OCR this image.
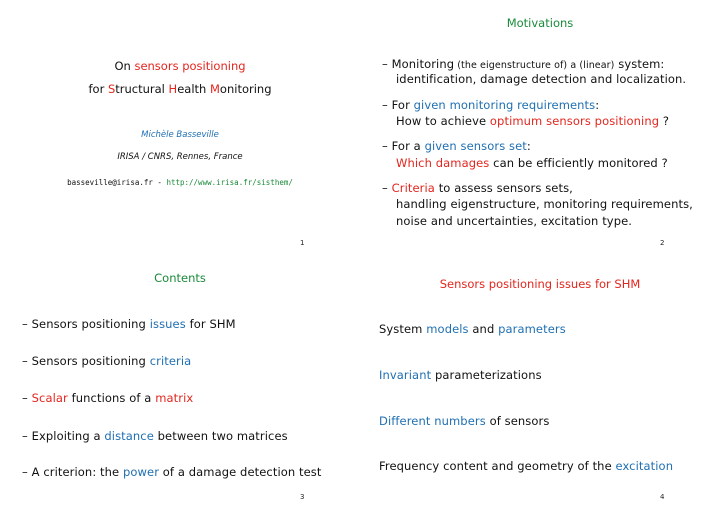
On sensors positioning
for Structural Health Monitoring
Michèle Basseville
IRISA / CNRS, Rennes, France
basseville@irisa.fr - http://www.irisa.fr/sisthem/
1
Motivations
– Monitoring (the eigenstructure of) a (linear) system:
identification, damage detection and localization.
– For given monitoring requirements:
How to achieve optimum sensors positioning ?
– For a given sensors set:
Which damages can be efficiently monitored ?
– Criteria to assess sensors sets,
handling eigenstructure, monitoring requirements,
noise and uncertainties, excitation type.
2
Contents
– Sensors positioning issues for SHM
– Sensors positioning criteria
– Scalar functions of a matrix
– Exploiting a distance between two matrices
– A criterion: the power of a damage detection test
3
Sensors positioning issues for SHM
System models and parameters
Invariant parameterizations
Different numbers of sensors
Frequency content and geometry of the excitation
4
